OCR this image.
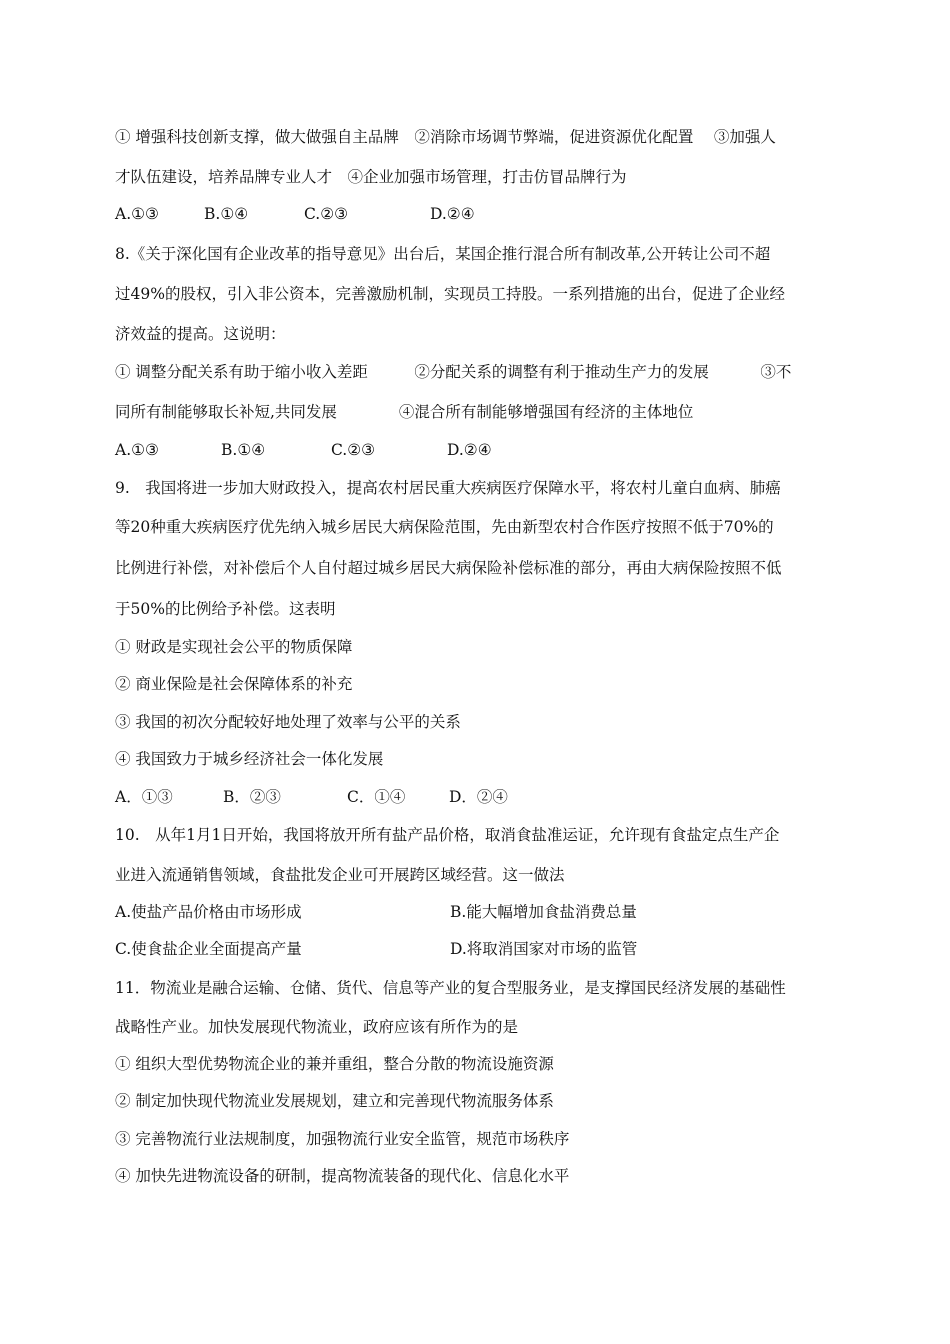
① 增强科技创新支撑，做大做强自主品牌　②消除市场调节弊端，促进资源优化配置　 ③加强人
才队伍建设，培养品牌专业人才　④企业加强市场管理，打击仿冒品牌行为
A.①③	B.①④	C.②③	D.②④
8.《关于深化国有企业改革的指导意见》出台后，某国企推行混合所有制改革,公开转让公司不超
过49%的股权，引入非公资本，完善激励机制，实现员工持股。一系列措施的出台，促进了企业经
济效益的提高。这说明：
① 调整分配关系有助于缩小收入差距　　　②分配关系的调整有利于推动生产力的发展　　　 ③不
同所有制能够取长补短,共同发展　　　　④混合所有制能够增强国有经济的主体地位
A.①③	B.①④	C.②③	D.②④
9.　我国将进一步加大财政投入，提高农村居民重大疾病医疗保障水平，将农村儿童白血病、肺癌
等20种重大疾病医疗优先纳入城乡居民大病保险范围，先由新型农村合作医疗按照不低于70%的
比例进行补偿，对补偿后个人自付超过城乡居民大病保险补偿标准的部分，再由大病保险按照不低
于50%的比例给予补偿。这表明
① 财政是实现社会公平的物质保障
② 商业保险是社会保障体系的补充
③ 我国的初次分配较好地处理了效率与公平的关系
④ 我国致力于城乡经济社会一体化发展
A．①③	B．②③	C．①④	D．②④
10.　从年1月1日开始，我国将放开所有盐产品价格，取消食盐准运证，允许现有食盐定点生产企
业进入流通销售领域，食盐批发企业可开展跨区域经营。这一做法
A.使盐产品价格由市场形成	B.能大幅增加食盐消费总量
C.使食盐企业全面提高产量	D.将取消国家对市场的监管
11．物流业是融合运输、仓储、货代、信息等产业的复合型服务业，是支撑国民经济发展的基础性
战略性产业。加快发展现代物流业，政府应该有所作为的是
① 组织大型优势物流企业的兼并重组，整合分散的物流设施资源
② 制定加快现代物流业发展规划，建立和完善现代物流服务体系
③ 完善物流行业法规制度，加强物流行业安全监管，规范市场秩序
④ 加快先进物流设备的研制，提高物流装备的现代化、信息化水平
